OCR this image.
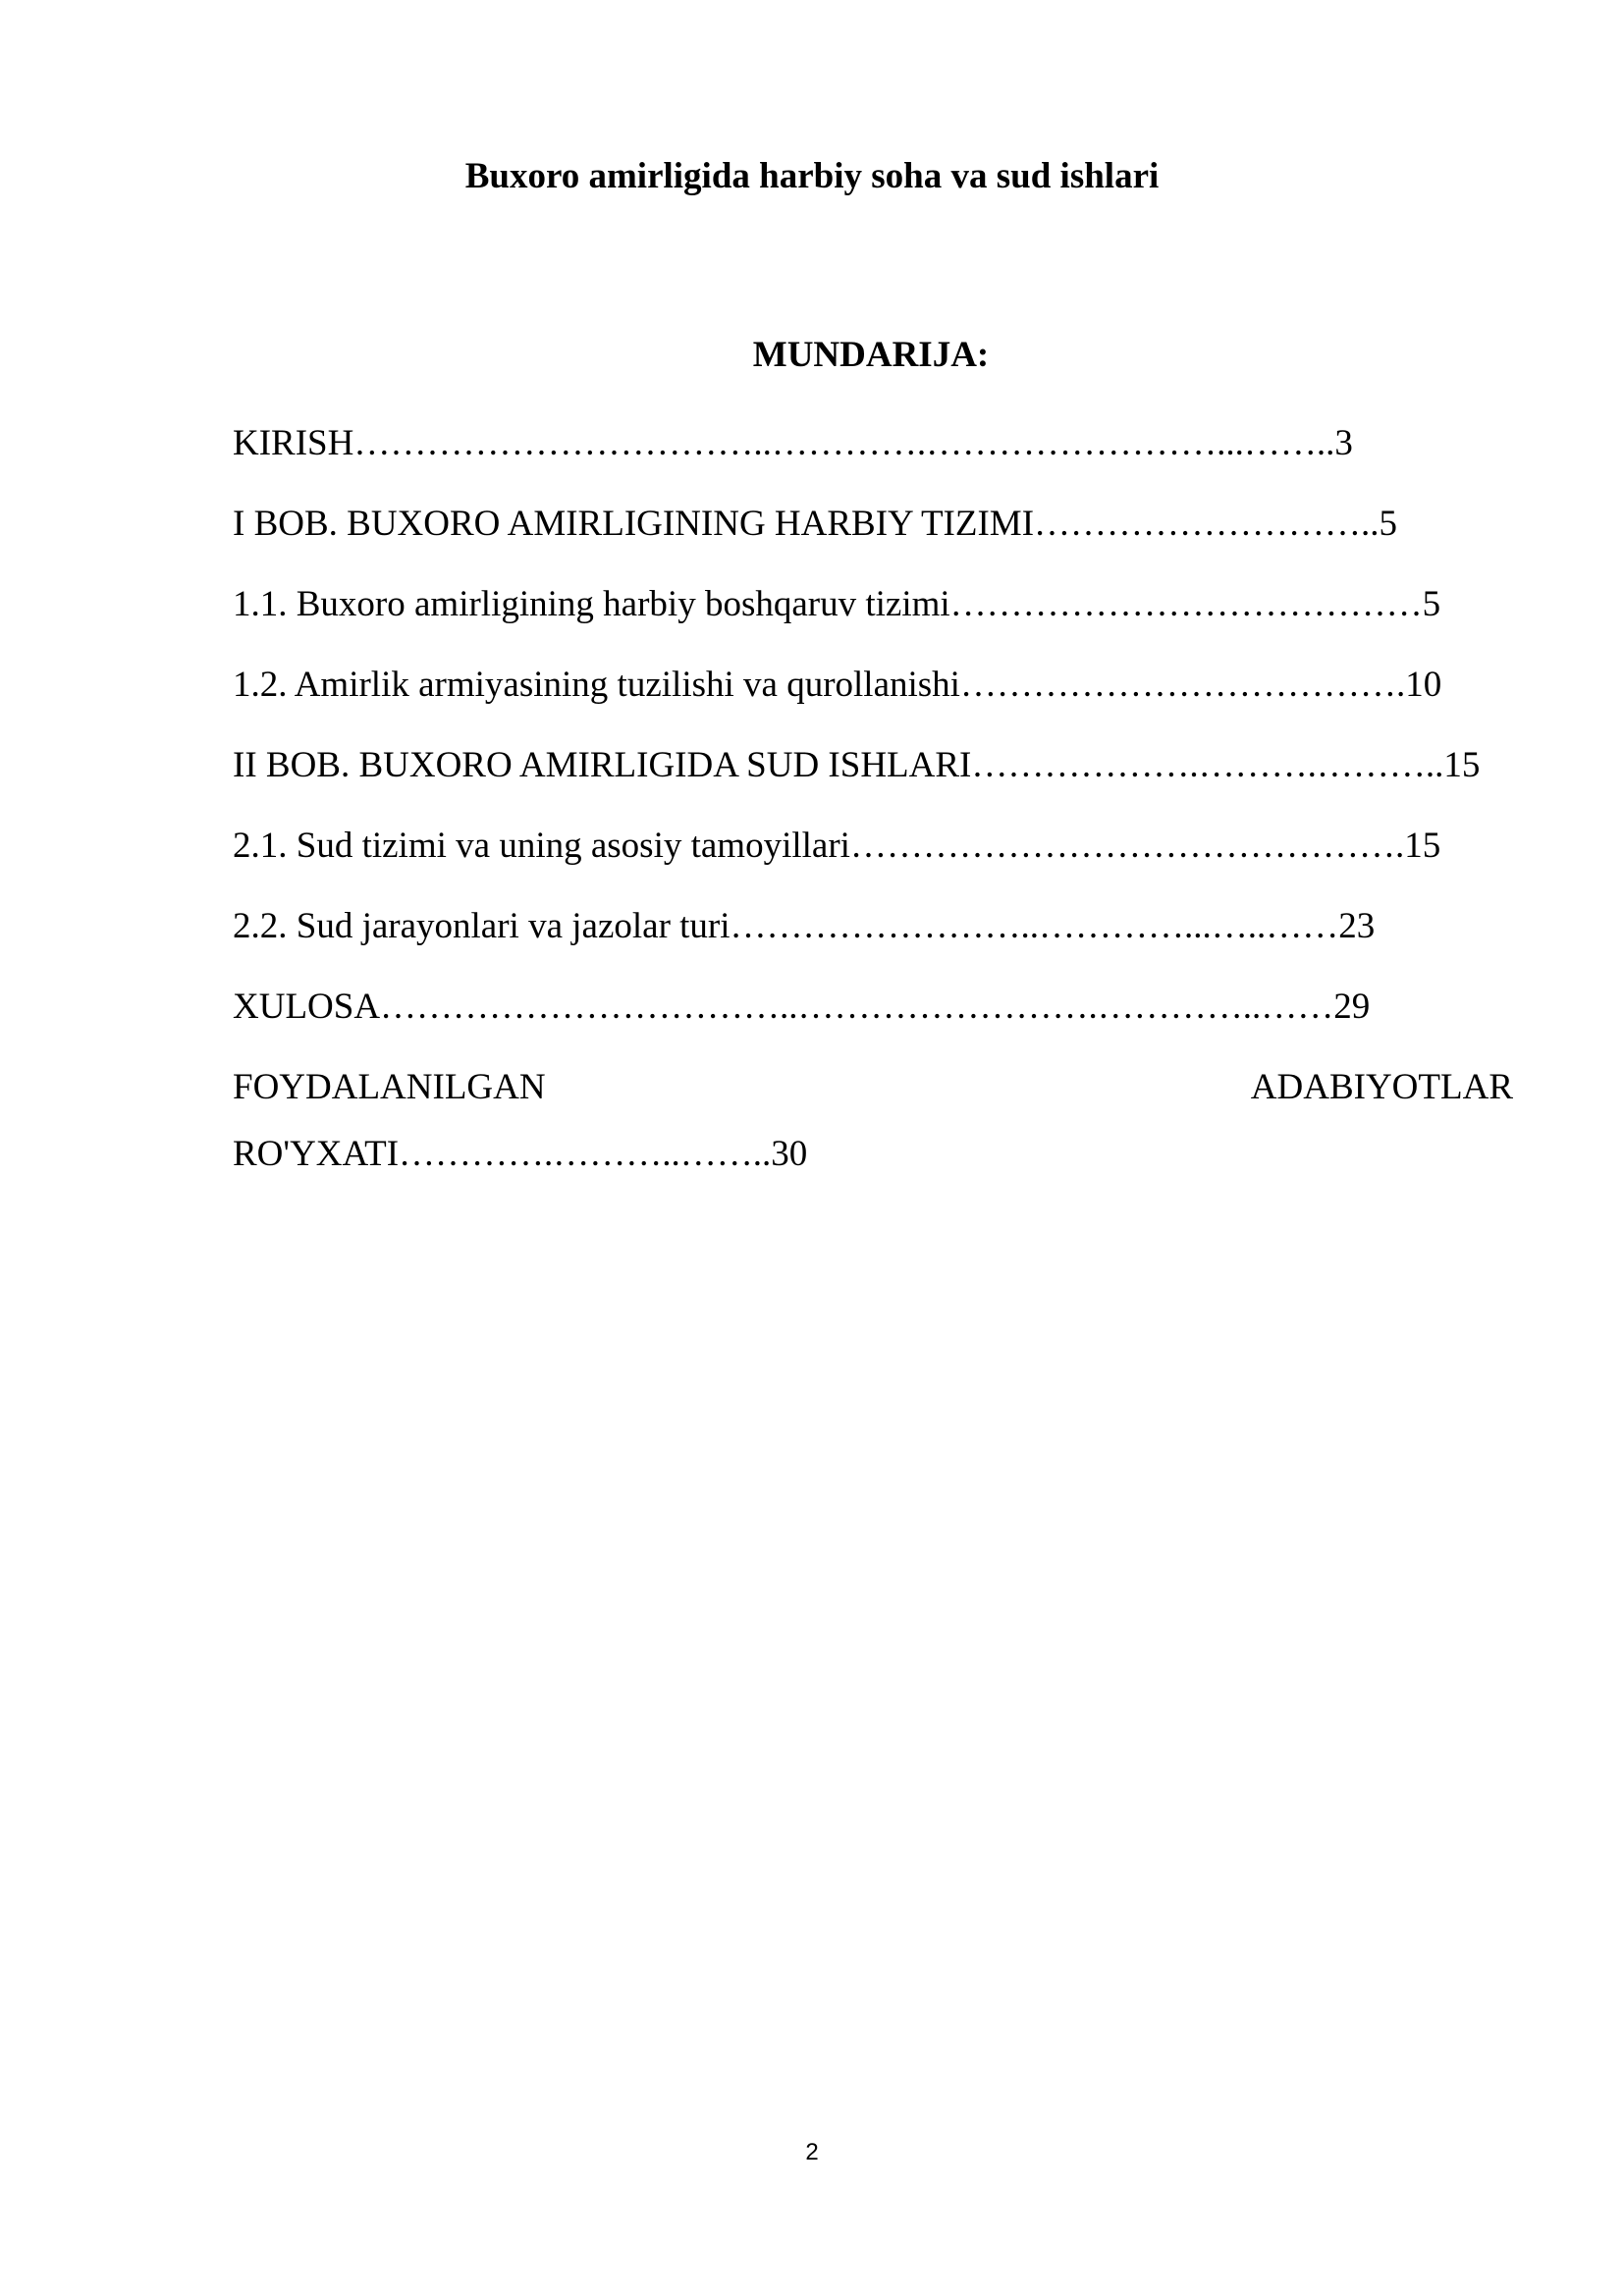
Buxoro amirligida harbiy soha va sud ishlari
MUNDARIJA:
KIRISH……………………………..………….……………………...……..3
I BOB. BUXORO AMIRLIGINING HARBIY TIZIMI………………………..5
1.1. Buxoro amirligining harbiy boshqaruv tizimi…………………………………5
1.2. Amirlik armiyasining tuzilishi va qurollanishi……………………………….10
II BOB. BUXORO AMIRLIGIDA SUD ISHLARI……………….……….………..15
2.1. Sud tizimi va uning asosiy tamoyillari……………………………………….15
2.2. Sud jarayonlari va jazolar turi……………………..…………...…..……23
XULOSA……………………………..…………………….…………..……29
FOYDALANILGAN	ADABIYOTLAR
RO'YXATI………….………..……..30
2
